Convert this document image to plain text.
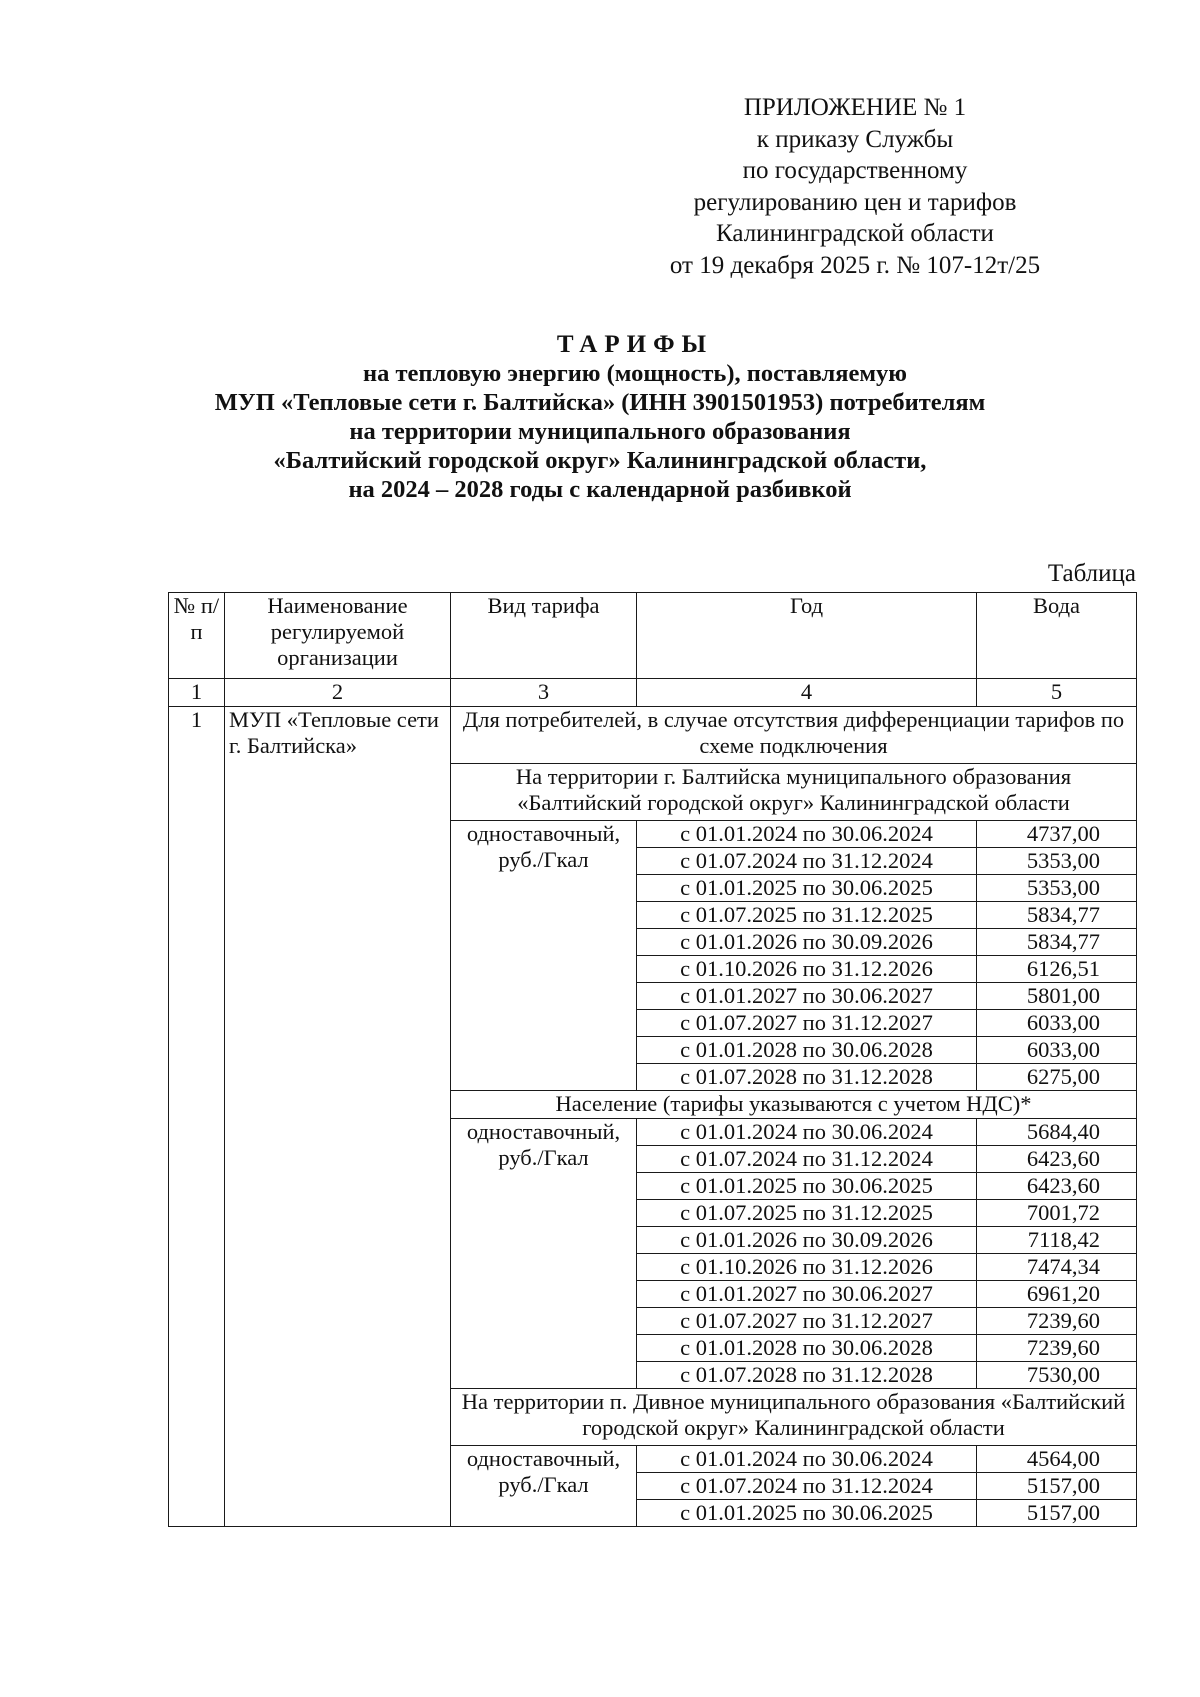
ПРИЛОЖЕНИЕ № 1
к приказу Службы
по государственному
регулированию цен и тарифов
Калининградской области
от 19 декабря 2025 г. № 107-12т/25
ТАРИФЫ
на тепловую энергию (мощность), поставляемую
МУП «Тепловые сети г. Балтийска» (ИНН 3901501953) потребителям
на территории муниципального образования
«Балтийский городской округ» Калининградской области,
на 2024 – 2028 годы с календарной разбивкой
Таблица
№ п/п	Наименование регулируемой организации	Вид тарифа	Год	Вода
1	2	3	4	5
1	МУП «Тепловые сети г. Балтийска»	Для потребителей, в случае отсутствия дифференциации тарифов по схеме подключения		
		На территории г. Балтийска муниципального образования «Балтийский городской округ» Калининградской области		
		одноставочный, руб./Гкал	с 01.01.2024 по 30.06.2024	4737,00
			с 01.07.2024 по 31.12.2024	5353,00
			с 01.01.2025 по 30.06.2025	5353,00
			с 01.07.2025 по 31.12.2025	5834,77
			с 01.01.2026 по 30.09.2026	5834,77
			с 01.10.2026 по 31.12.2026	6126,51
			с 01.01.2027 по 30.06.2027	5801,00
			с 01.07.2027 по 31.12.2027	6033,00
			с 01.01.2028 по 30.06.2028	6033,00
			с 01.07.2028 по 31.12.2028	6275,00
		Население (тарифы указываются с учетом НДС)*		
		одноставочный, руб./Гкал	с 01.01.2024 по 30.06.2024	5684,40
			с 01.07.2024 по 31.12.2024	6423,60
			с 01.01.2025 по 30.06.2025	6423,60
			с 01.07.2025 по 31.12.2025	7001,72
			с 01.01.2026 по 30.09.2026	7118,42
			с 01.10.2026 по 31.12.2026	7474,34
			с 01.01.2027 по 30.06.2027	6961,20
			с 01.07.2027 по 31.12.2027	7239,60
			с 01.01.2028 по 30.06.2028	7239,60
			с 01.07.2028 по 31.12.2028	7530,00
		На территории п. Дивное муниципального образования «Балтийский городской округ» Калининградской области		
		одноставочный, руб./Гкал	с 01.01.2024 по 30.06.2024	4564,00
			с 01.07.2024 по 31.12.2024	5157,00
			с 01.01.2025 по 30.06.2025	5157,00
